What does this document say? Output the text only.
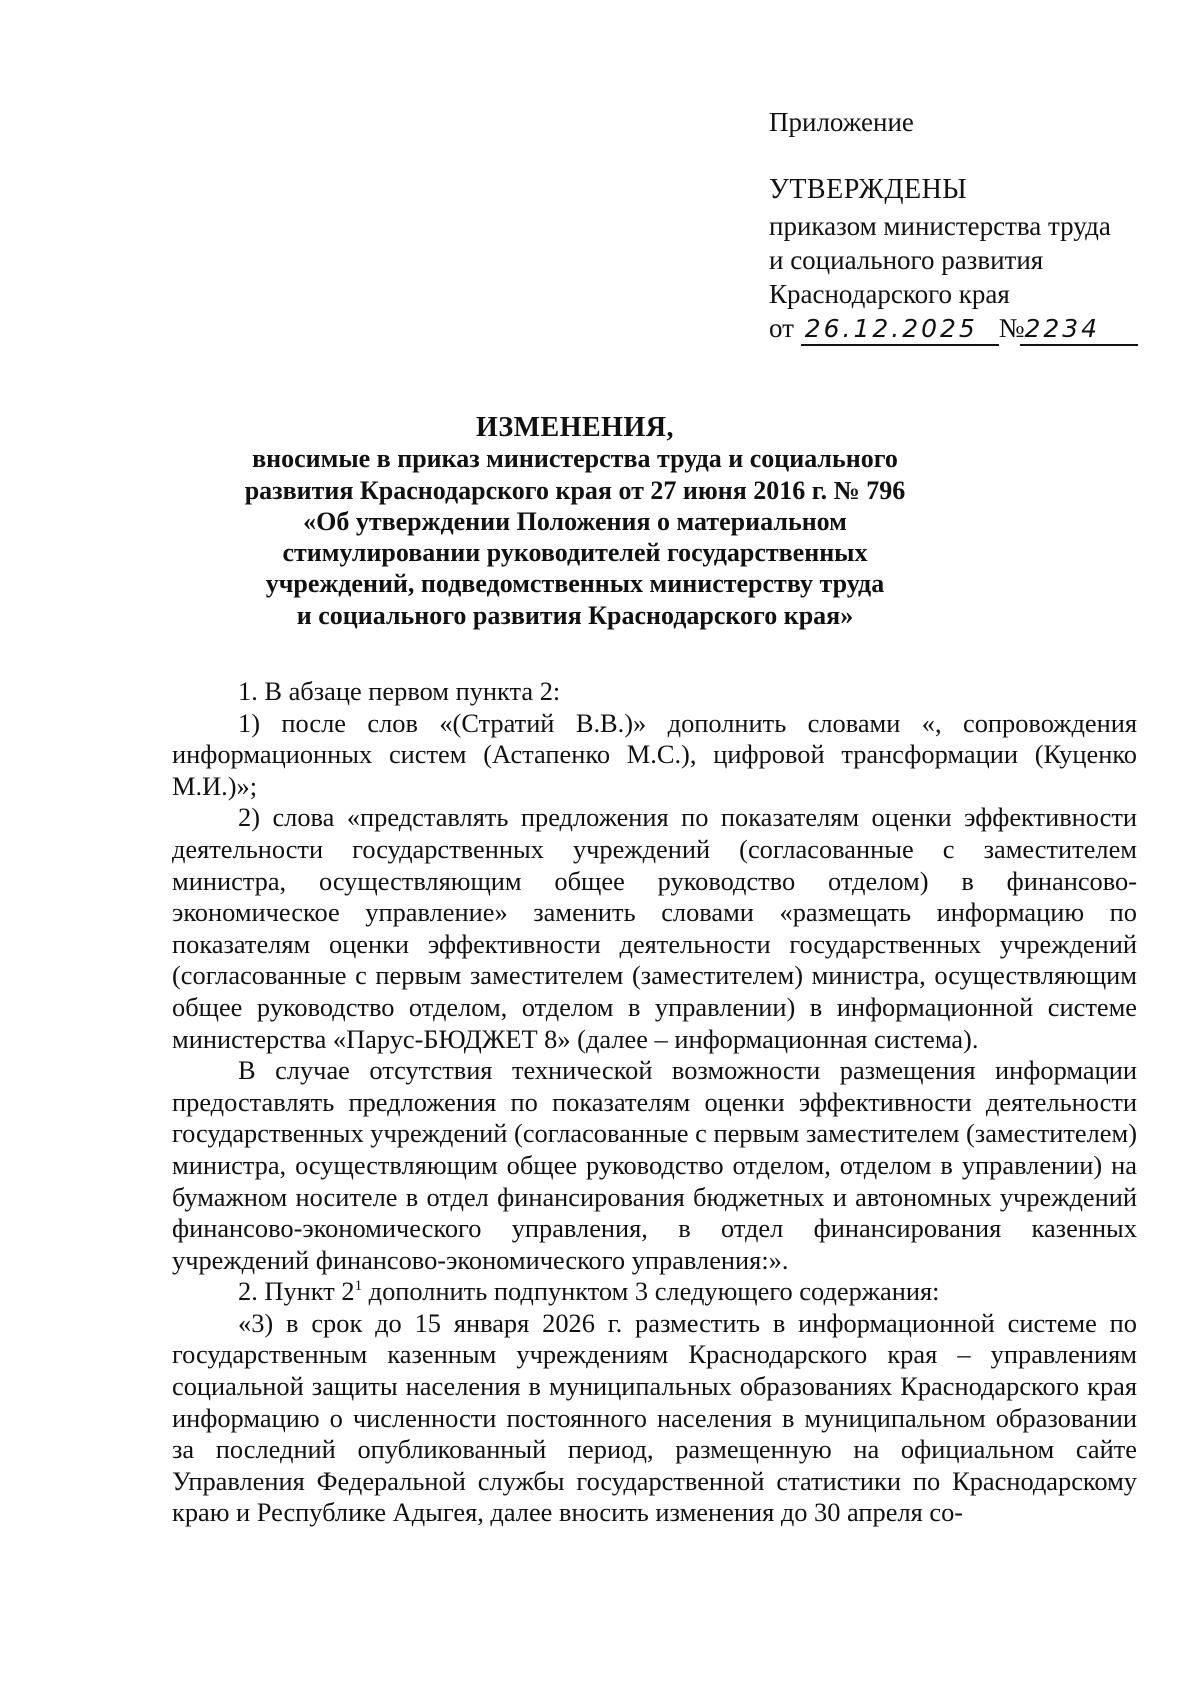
Приложение

УТВЕРЖДЕНЫ

приказом министерства труда

и социального развития

Краснодарского края

от 26.12.2025 №2234

ИЗМЕНЕНИЯ,

вносимые в приказ министерства труда и социального

развития Краснодарского края от 27 июня 2016 г. № 796

«Об утверждении Положения о материальном

стимулировании руководителей государственных

учреждений, подведомственных министерству труда

и социального развития Краснодарского края»

1. В абзаце первом пункта 2:

1) после слов «(Стратий В.В.)» дополнить словами «, сопровождения информационных систем (Астапенко М.С.), цифровой трансформации (Куценко М.И.)»;

2) слова «представлять предложения по показателям оценки эффективности деятельности государственных учреждений (согласованные с заместителем министра, осуществляющим общее руководство отделом) в финансово-экономическое управление» заменить словами «размещать информацию по показателям оценки эффективности деятельности государственных учреждений (согласованные с первым заместителем (заместителем) министра, осуществляющим общее руководство отделом, отделом в управлении) в информационной системе министерства «Парус-БЮДЖЕТ 8» (далее – информационная система).

В случае отсутствия технической возможности размещения информации предоставлять предложения по показателям оценки эффективности деятельности государственных учреждений (согласованные с первым заместителем (заместителем) министра, осуществляющим общее руководство отделом, отделом в управлении) на бумажном носителе в отдел финансирования бюджетных и автономных учреждений финансово-экономического управления, в отдел финансирования казенных учреждений финансово-экономического управления:».

2. Пункт $2^1$ дополнить подпунктом 3 следующего содержания:

«3) в срок до 15 января 2026 г. разместить в информационной системе по государственным казенным учреждениям Краснодарского края – управлениям социальной защиты населения в муниципальных образованиях Краснодарского края информацию о численности постоянного населения в муниципальном образовании за последний опубликованный период, размещенную на официальном сайте Управления Федеральной службы государственной статистики по Краснодарскому краю и Республике Адыгея, далее вносить изменения до 30 апреля со-
